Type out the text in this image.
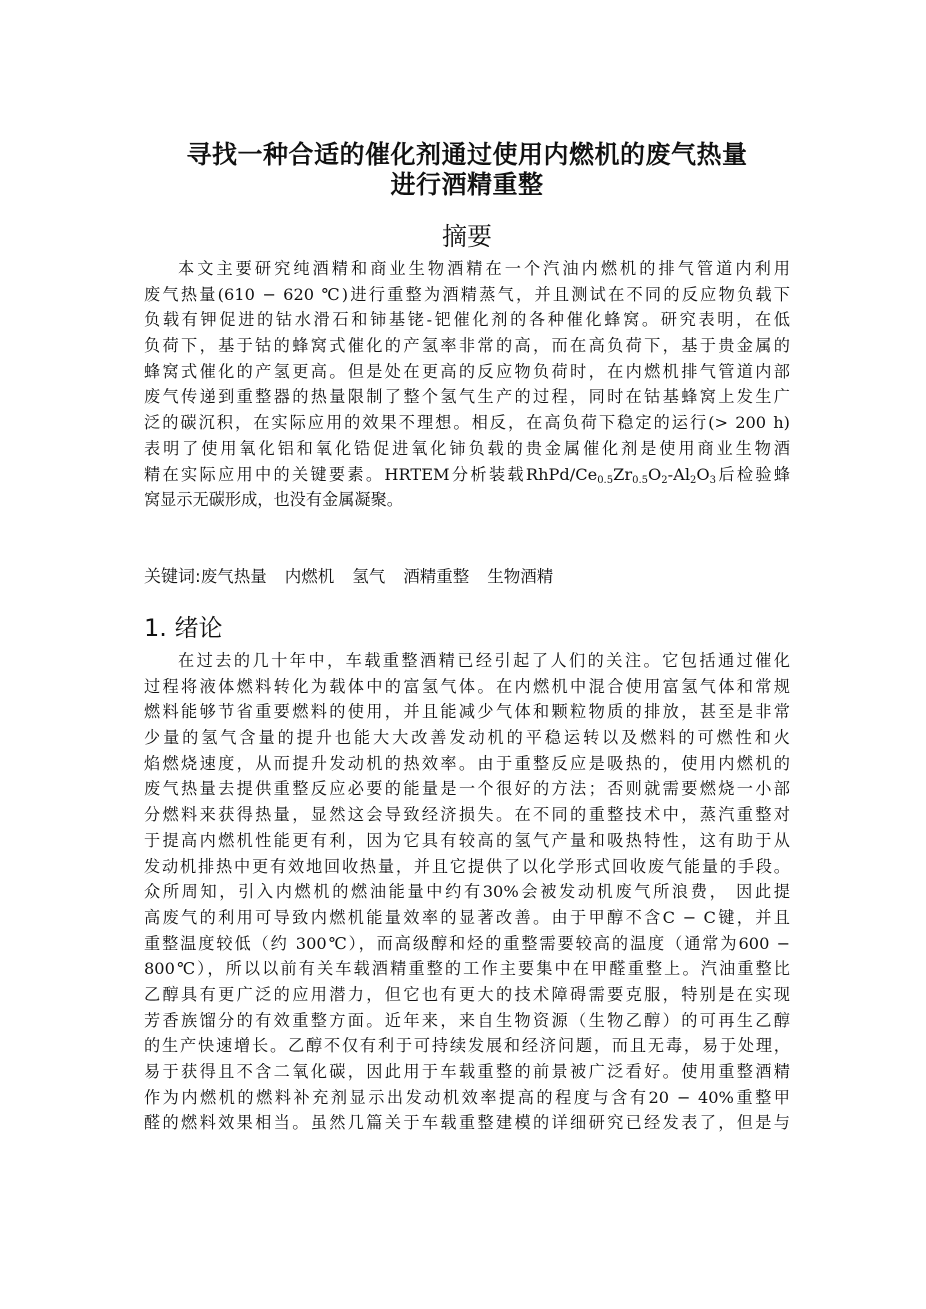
寻找一种合适的催化剂通过使用内燃机的废气热量
进行酒精重整
摘要
本文主要研究纯酒精和商业生物酒精在一个汽油内燃机的排气管道内利用
废气热量(610 − 620 ℃)进行重整为酒精蒸气，并且测试在不同的反应物负载下
负载有钾促进的钴水滑石和铈基铑-钯催化剂的各种催化蜂窝。研究表明，在低
负荷下，基于钴的蜂窝式催化的产氢率非常的高，而在高负荷下，基于贵金属的
蜂窝式催化的产氢更高。但是处在更高的反应物负荷时，在内燃机排气管道内部
废气传递到重整器的热量限制了整个氢气生产的过程，同时在钴基蜂窝上发生广
泛的碳沉积，在实际应用的效果不理想。相反，在高负荷下稳定的运行(> 200 h)
表明了使用氧化铝和氧化锆促进氧化铈负载的贵金属催化剂是使用商业生物酒
精在实际应用中的关键要素。HRTEM分析装载RhPd/$Ce_{0.5}Zr_{0.5}O_2-Al_2O_3$后检验蜂
窝显示无碳形成，也没有金属凝聚。
关键词:废气热量 内燃机 氢气 酒精重整 生物酒精
1. 绪论
在过去的几十年中，车载重整酒精已经引起了人们的关注。它包括通过催化
过程将液体燃料转化为载体中的富氢气体。在内燃机中混合使用富氢气体和常规
燃料能够节省重要燃料的使用，并且能减少气体和颗粒物质的排放，甚至是非常
少量的氢气含量的提升也能大大改善发动机的平稳运转以及燃料的可燃性和火
焰燃烧速度，从而提升发动机的热效率。由于重整反应是吸热的，使用内燃机的
废气热量去提供重整反应必要的能量是一个很好的方法；否则就需要燃烧一小部
分燃料来获得热量，显然这会导致经济损失。在不同的重整技术中，蒸汽重整对
于提高内燃机性能更有利，因为它具有较高的氢气产量和吸热特性，这有助于从
发动机排热中更有效地回收热量，并且它提供了以化学形式回收废气能量的手段。
众所周知，引入内燃机的燃油能量中约有30%会被发动机废气所浪费， 因此提
高废气的利用可导致内燃机能量效率的显著改善。由于甲醇不含C − C键，并且
重整温度较低（约 300℃），而高级醇和烃的重整需要较高的温度（通常为600 −
800℃），所以以前有关车载酒精重整的工作主要集中在甲醛重整上。汽油重整比
乙醇具有更广泛的应用潜力，但它也有更大的技术障碍需要克服，特别是在实现
芳香族馏分的有效重整方面。近年来，来自生物资源（生物乙醇）的可再生乙醇
的生产快速增长。乙醇不仅有利于可持续发展和经济问题，而且无毒，易于处理，
易于获得且不含二氧化碳，因此用于车载重整的前景被广泛看好。使用重整酒精
作为内燃机的燃料补充剂显示出发动机效率提高的程度与含有20 − 40%重整甲
醛的燃料效果相当。虽然几篇关于车载重整建模的详细研究已经发表了，但是与
